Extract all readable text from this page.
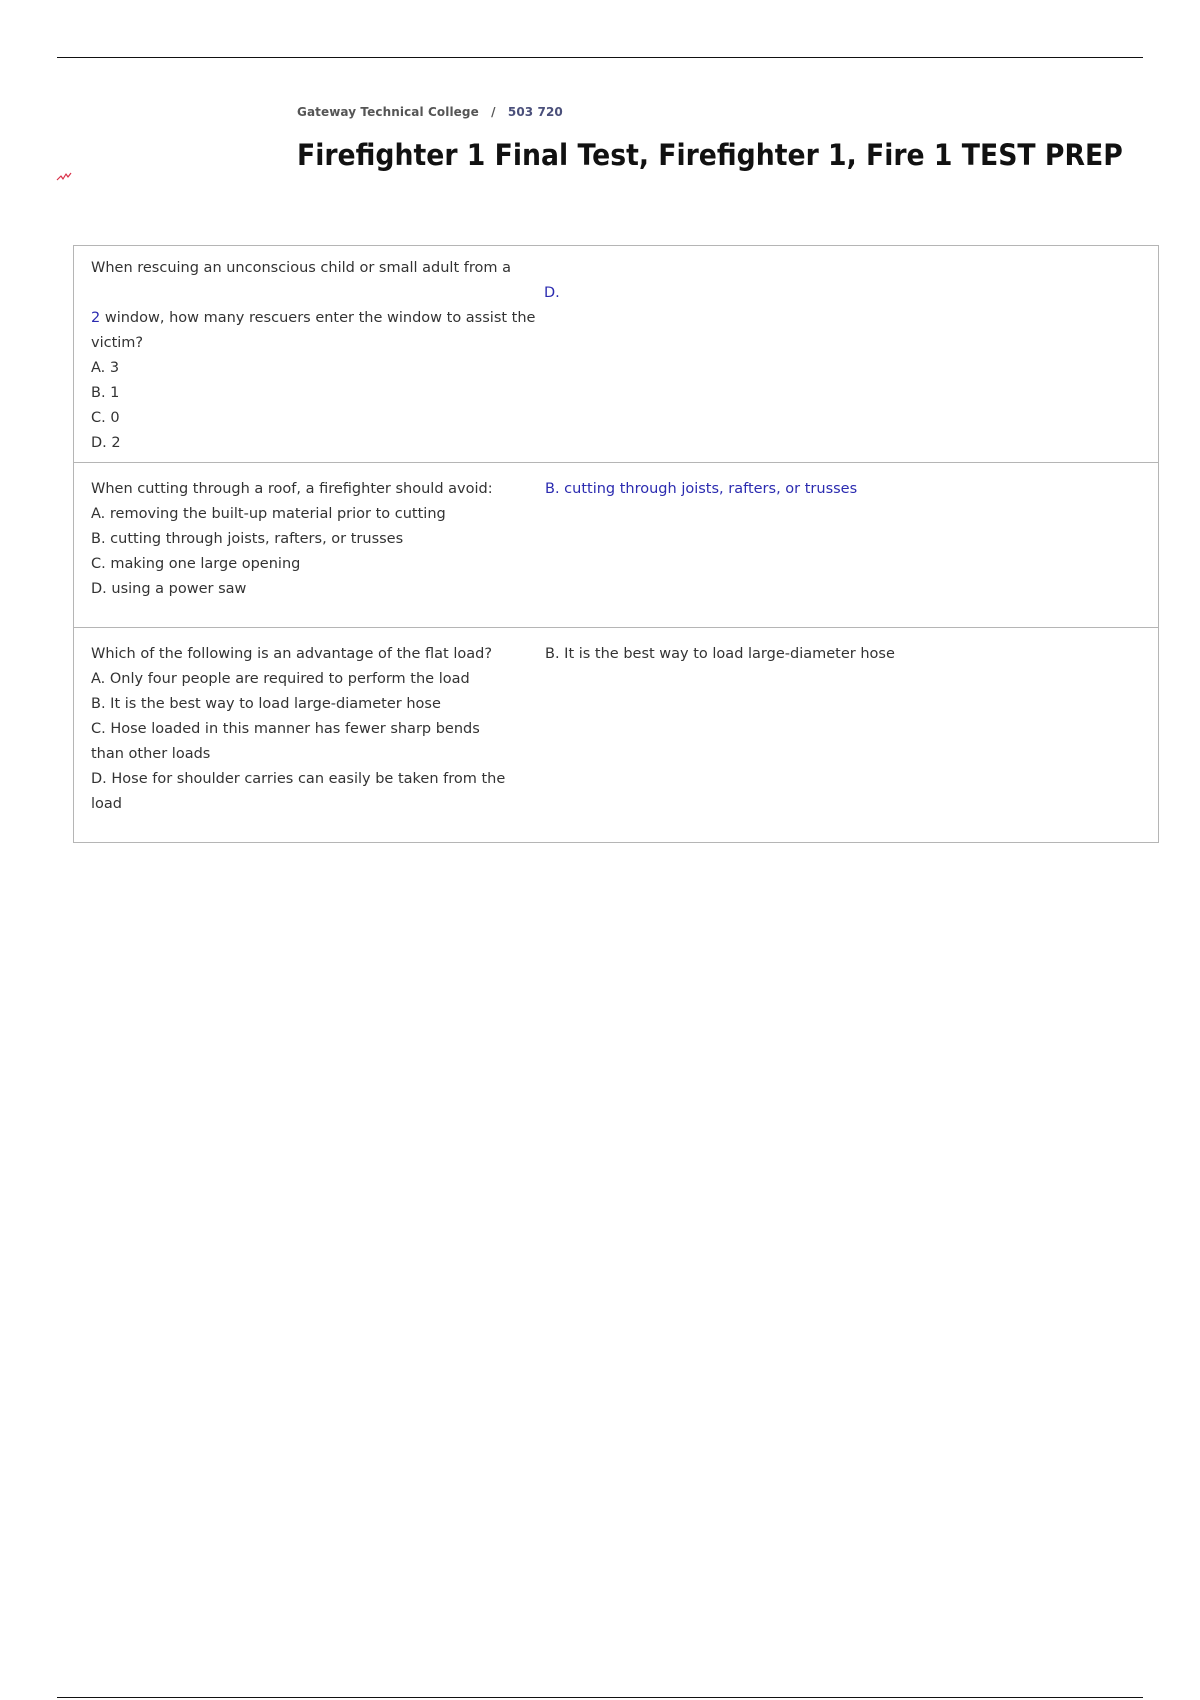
Gateway Technical College / 503 720
Firefighter 1 Final Test, Firefighter 1, Fire 1 TEST PREP
When rescuing an unconscious child or small adult from a
2 window, how many rescuers enter the window to assist the
victim?
A. 3
B. 1
C. 0
D. 2
D.
When cutting through a roof, a firefighter should avoid:
A. removing the built-up material prior to cutting
B. cutting through joists, rafters, or trusses
C. making one large opening
D. using a power saw
B. cutting through joists, rafters, or trusses
Which of the following is an advantage of the flat load?
A. Only four people are required to perform the load
B. It is the best way to load large-diameter hose
C. Hose loaded in this manner has fewer sharp bends than other loads
D. Hose for shoulder carries can easily be taken from the load
B. It is the best way to load large-diameter hose
